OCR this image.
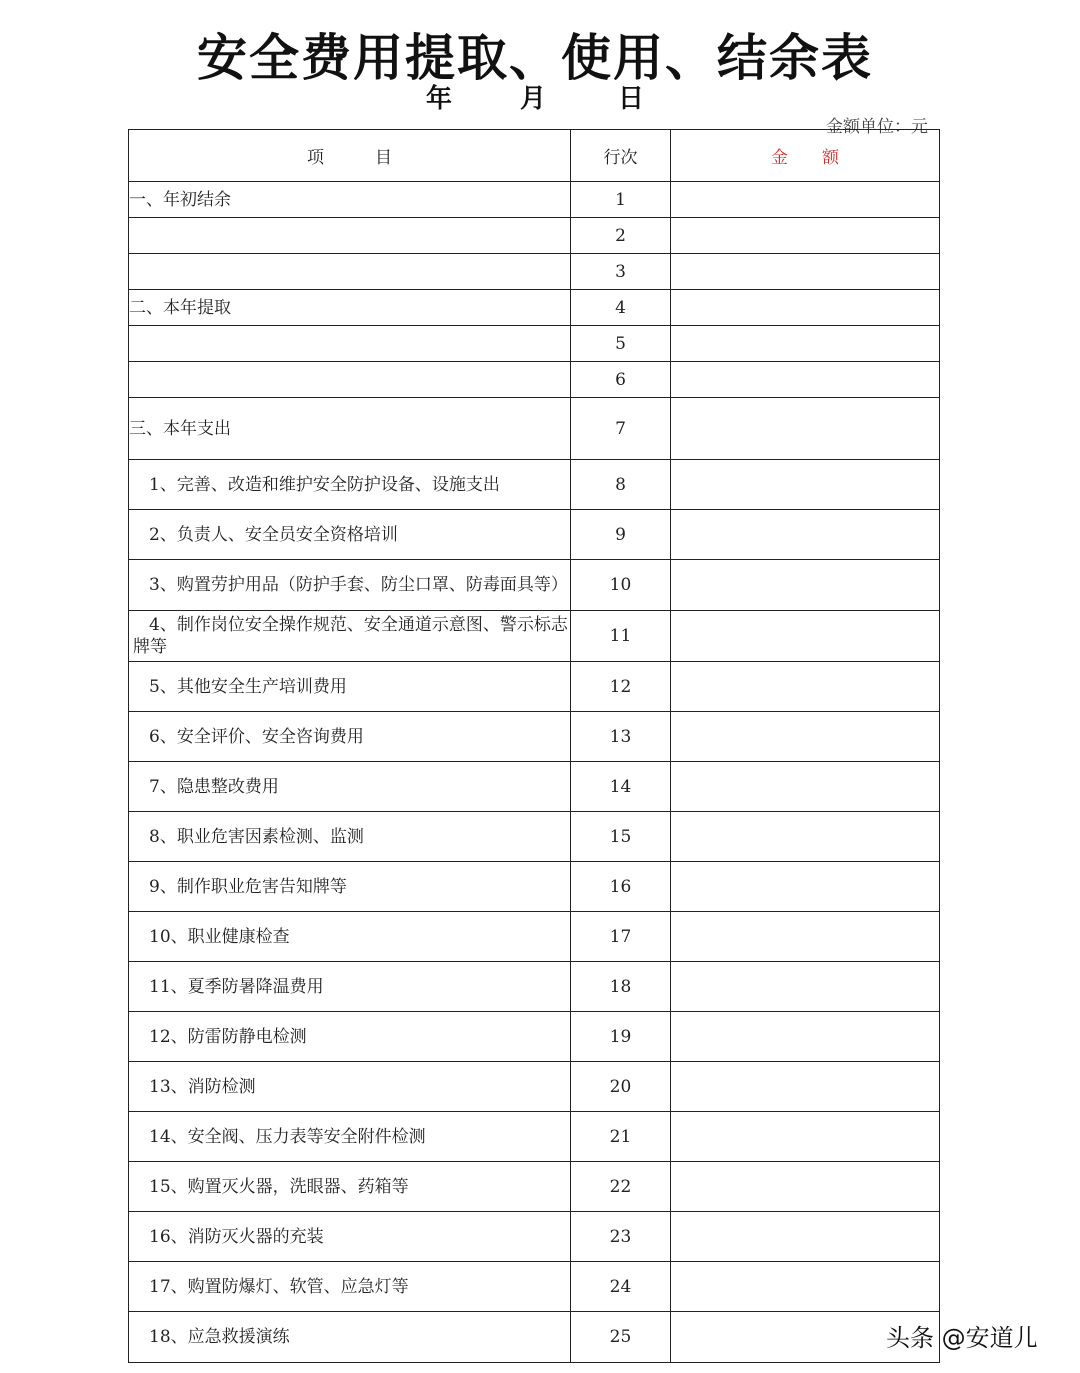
安全费用提取、使用、结余表
年	月	日
金额单位：元
项　　　目	行次	金　　额
一、年初结余	1	
	2	
	3	
二、本年提取	4	
	5	
	6	
三、本年支出	7	
1、完善、改造和维护安全防护设备、设施支出	8	
2、负责人、安全员安全资格培训	9	
3、购置劳护用品（防护手套、防尘口罩、防毒面具等）	10	
4、制作岗位安全操作规范、安全通道示意图、警示标志牌等	11	
5、其他安全生产培训费用	12	
6、安全评价、安全咨询费用	13	
7、隐患整改费用	14	
8、职业危害因素检测、监测	15	
9、制作职业危害告知牌等	16	
10、职业健康检查	17	
11、夏季防暑降温费用	18	
12、防雷防静电检测	19	
13、消防检测	20	
14、安全阀、压力表等安全附件检测	21	
15、购置灭火器，洗眼器、药箱等	22	
16、消防灭火器的充装	23	
17、购置防爆灯、软管、应急灯等	24	
18、应急救援演练	25		头条 @安道儿
